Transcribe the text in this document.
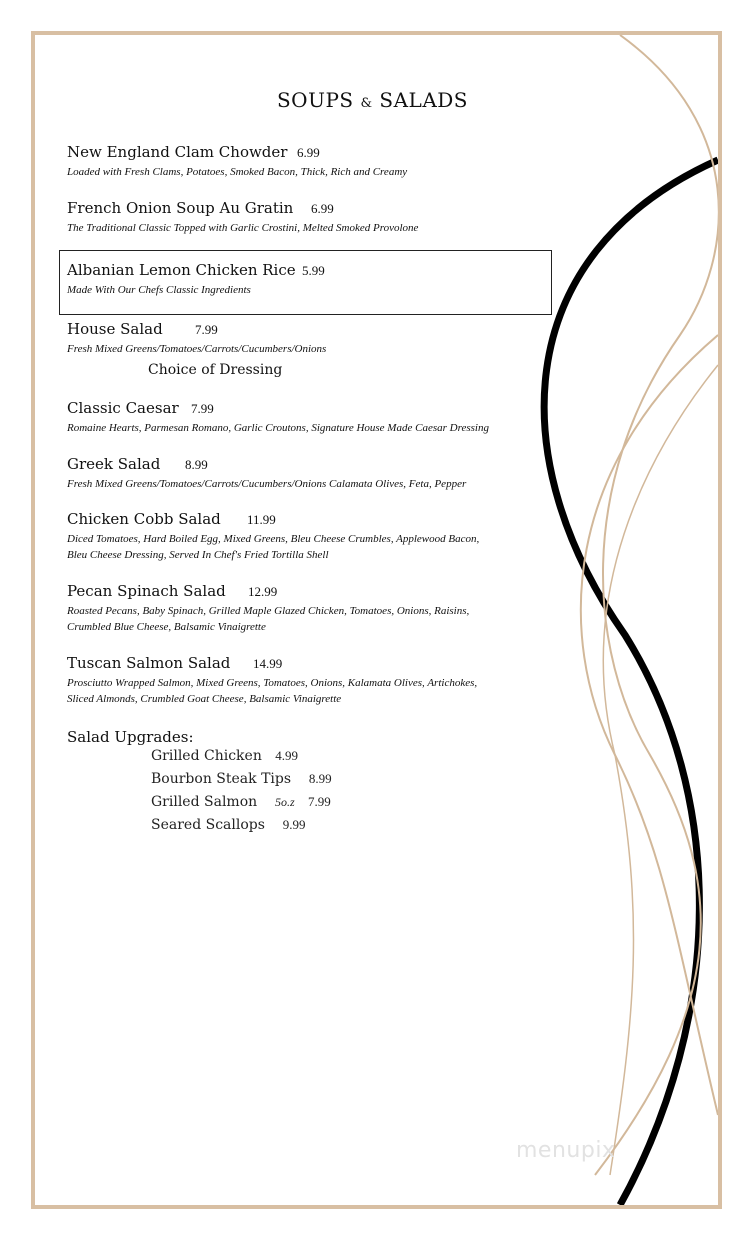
SOUPS & SALADS
New England Clam Chowder 6.99
Loaded with Fresh Clams, Potatoes, Smoked Bacon, Thick, Rich and Creamy
French Onion Soup Au Gratin 6.99
The Traditional Classic Topped with Garlic Crostini, Melted Smoked Provolone
Albanian Lemon Chicken Rice 5.99
Made With Our Chefs Classic Ingredients
House Salad 7.99
Fresh Mixed Greens/Tomatoes/Carrots/Cucumbers/Onions
Choice of Dressing
Classic Caesar 7.99
Romaine Hearts, Parmesan Romano, Garlic Croutons, Signature House Made Caesar Dressing
Greek Salad 8.99
Fresh Mixed Greens/Tomatoes/Carrots/Cucumbers/Onions Calamata Olives, Feta, Pepper
Chicken Cobb Salad 11.99
Diced Tomatoes, Hard Boiled Egg, Mixed Greens, Bleu Cheese Crumbles, Applewood Bacon,
Bleu Cheese Dressing, Served In Chef's Fried Tortilla Shell
Pecan Spinach Salad 12.99
Roasted Pecans, Baby Spinach, Grilled Maple Glazed Chicken, Tomatoes, Onions, Raisins,
Crumbled Blue Cheese, Balsamic Vinaigrette
Tuscan Salmon Salad 14.99
Prosciutto Wrapped Salmon, Mixed Greens, Tomatoes, Onions, Kalamata Olives, Artichokes,
Sliced Almonds, Crumbled Goat Cheese, Balsamic Vinaigrette
Salad Upgrades:
Grilled Chicken 4.99
Bourbon Steak Tips 8.99
Grilled Salmon 5o.z 7.99
Seared Scallops 9.99
menupix
